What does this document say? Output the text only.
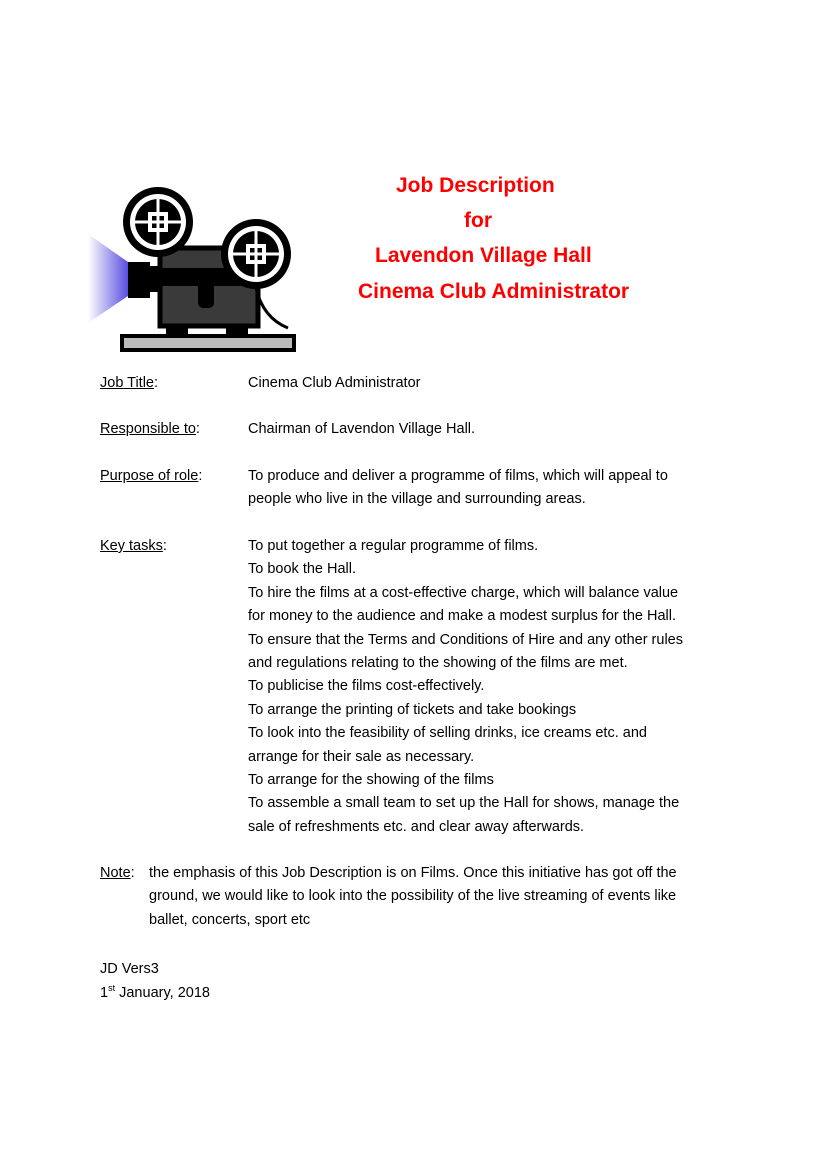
Job Description
for
Lavendon Village Hall
Cinema Club Administrator
Job Title:	Cinema Club Administrator
Responsible to:	Chairman of Lavendon Village Hall.
Purpose of role:	To produce and deliver a programme of films, which will appeal to
people who live in the village and surrounding areas.
Key tasks:	To put together a regular programme of films.
To book the Hall.
To hire the films at a cost-effective charge, which will balance value
for money to the audience and make a modest surplus for the Hall.
To ensure that the Terms and Conditions of Hire and any other rules
and regulations relating to the showing of the films are met.
To publicise the films cost-effectively.
To arrange the printing of tickets and take bookings
To look into the feasibility of selling drinks, ice creams etc. and
arrange for their sale as necessary.
To arrange for the showing of the films
To assemble a small team to set up the Hall for shows, manage the
sale of refreshments etc. and clear away afterwards.
Note: the emphasis of this Job Description is on Films. Once this initiative has got off the
ground, we would like to look into the possibility of the live streaming of events like
ballet, concerts, sport etc
JD Vers3
1st January, 2018
